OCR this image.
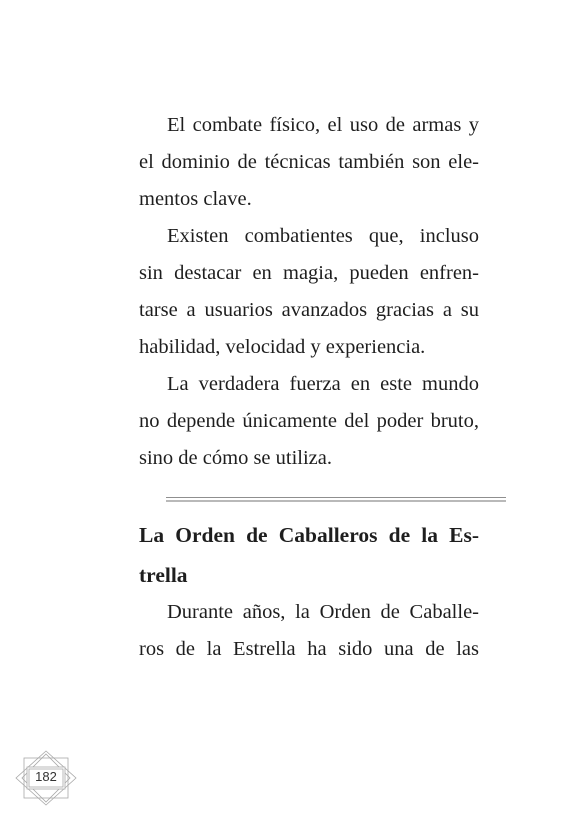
El combate físico, el uso de armas y
el dominio de técnicas también son ele-
mentos clave.
Existen combatientes que, incluso
sin destacar en magia, pueden enfren-
tarse a usuarios avanzados gracias a su
habilidad, velocidad y experiencia.
La verdadera fuerza en este mundo
no depende únicamente del poder bruto,
sino de cómo se utiliza.
La Orden de Caballeros de la Es-
trella
Durante años, la Orden de Caballe-
ros de la Estrella ha sido una de las
182
